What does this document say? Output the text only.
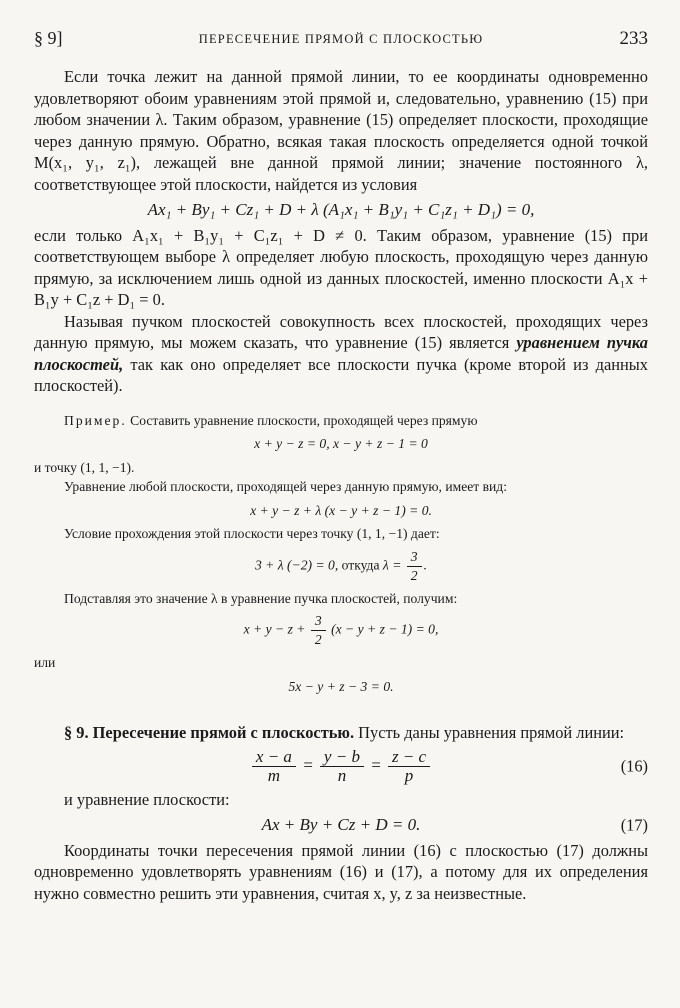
§ 9]	ПЕРЕСЕЧЕНИЕ ПРЯМОЙ С ПЛОСКОСТЬЮ	233

Если точка лежит на данной прямой линии, то ее координаты одновременно удовлетворяют обоим уравнениям этой прямой и, следовательно, уравнению (15) при любом значении λ. Таким образом, уравнение (15) определяет плоскости, проходящие через данную прямую. Обратно, всякая такая плоскость определяется одной точкой M(x₁, y₁, z₁), лежащей вне данной прямой линии; значение постоянного λ, соответствующее этой плоскости, найдется из условия

Ax₁ + By₁ + Cz₁ + D + λ (A₁x₁ + B₁y₁ + C₁z₁ + D₁) = 0,

если только A₁x₁ + B₁y₁ + C₁z₁ + D ≠ 0. Таким образом, уравнение (15) при соответствующем выборе λ определяет любую плоскость, проходящую через данную прямую, за исключением лишь одной из данных плоскостей, именно плоскости A₁x + B₁y + C₁z + D₁ = 0.

Называя пучком плоскостей совокупность всех плоскостей, проходящих через данную прямую, мы можем сказать, что уравнение (15) является уравнением пучка плоскостей, так как оно определяет все плоскости пучка (кроме второй из данных плоскостей).

Пример. Составить уравнение плоскости, проходящей через прямую

x + y − z = 0, x − y + z − 1 = 0

и точку (1, 1, −1).

Уравнение любой плоскости, проходящей через данную прямую, имеет вид:

x + y − z + λ (x − y + z − 1) = 0.

Условие прохождения этой плоскости через точку (1, 1, −1) дает:

3 + λ (−2) = 0, откуда $\lambda = \frac{3}{2}$ .

Подставляя это значение λ в уравнение пучка плоскостей, получим:

$x + y - z + \frac{3}{2} (x - y + z - 1) = 0$,

или

5x − y + z − 3 = 0.

§ 9. Пересечение прямой с плоскостью. Пусть даны уравнения прямой линии:

$\frac{x - a}{m} = \frac{y - b}{n} = \frac{z - c}{p}$	(16)

и уравнение плоскости:

Ax + By + Cz + D = 0.	(17)

Координаты точки пересечения прямой линии (16) с плоскостью (17) должны одновременно удовлетворять уравнениям (16) и (17), а потому для их определения нужно совместно решить эти уравнения, считая x, y, z за неизвестные.
